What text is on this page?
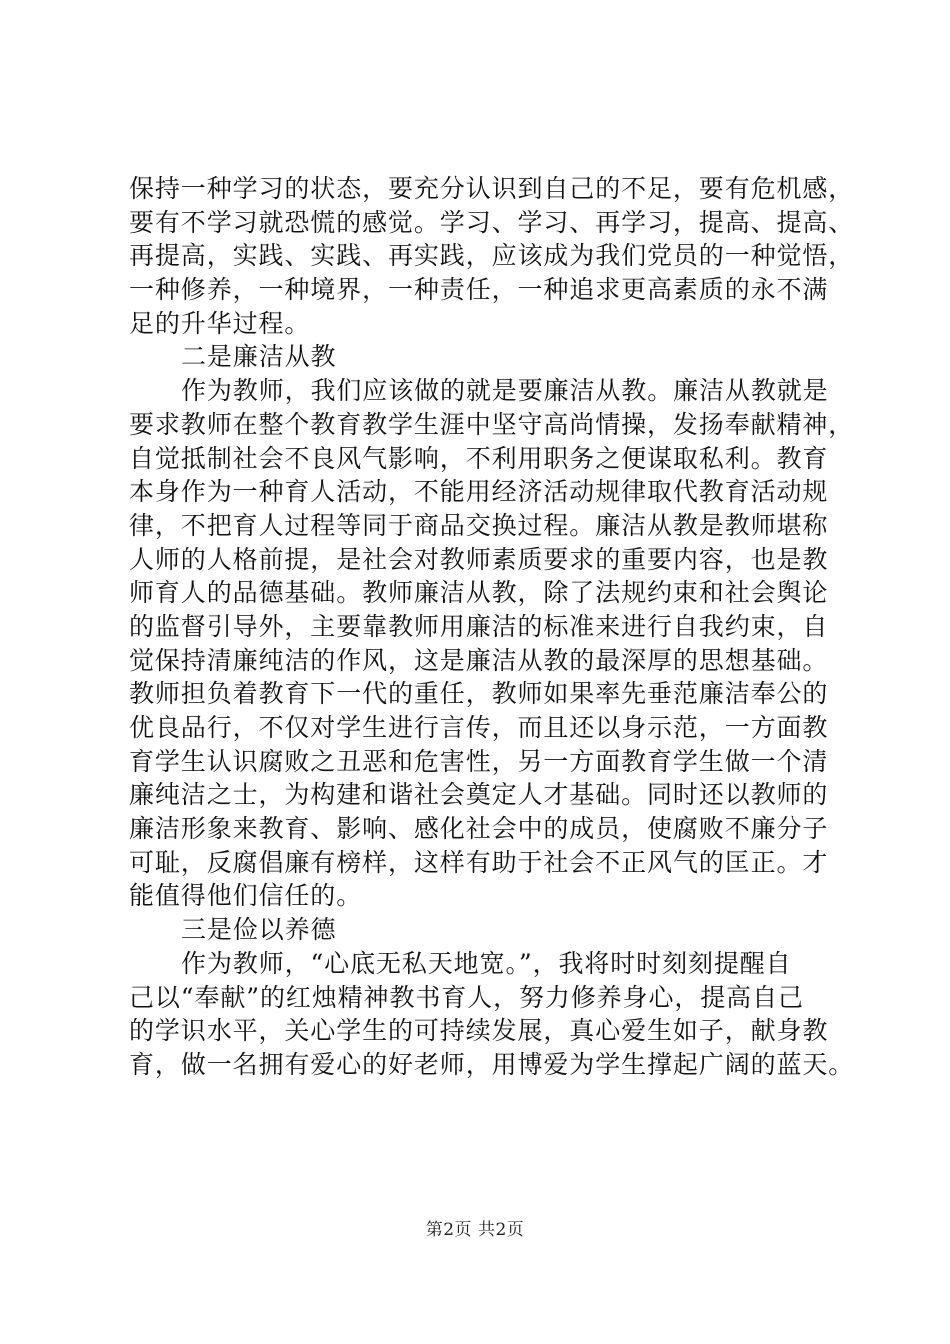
保持一种学习的状态，要充分认识到自己的不足，要有危机感，
要有不学习就恐慌的感觉。学习、学习、再学习，提高、提高、
再提高，实践、实践、再实践，应该成为我们党员的一种觉悟，
一种修养，一种境界，一种责任，一种追求更高素质的永不满
足的升华过程。
二是廉洁从教
作为教师，我们应该做的就是要廉洁从教。廉洁从教就是
要求教师在整个教育教学生涯中坚守高尚情操，发扬奉献精神，
自觉抵制社会不良风气影响，不利用职务之便谋取私利。教育
本身作为一种育人活动，不能用经济活动规律取代教育活动规
律，不把育人过程等同于商品交换过程。廉洁从教是教师堪称
人师的人格前提，是社会对教师素质要求的重要内容，也是教
师育人的品德基础。教师廉洁从教，除了法规约束和社会舆论
的监督引导外，主要靠教师用廉洁的标准来进行自我约束，自
觉保持清廉纯洁的作风，这是廉洁从教的最深厚的思想基础。
教师担负着教育下一代的重任，教师如果率先垂范廉洁奉公的
优良品行，不仅对学生进行言传，而且还以身示范，一方面教
育学生认识腐败之丑恶和危害性，另一方面教育学生做一个清
廉纯洁之士，为构建和谐社会奠定人才基础。同时还以教师的
廉洁形象来教育、影响、感化社会中的成员，使腐败不廉分子
可耻，反腐倡廉有榜样，这样有助于社会不正风气的匡正。才
能值得他们信任的。
三是俭以养德
作为教师，“心底无私天地宽。”，我将时时刻刻提醒自
己以“奉献”的红烛精神教书育人，努力修养身心，提高自己
的学识水平，关心学生的可持续发展，真心爱生如子，献身教
育，做一名拥有爱心的好老师，用博爱为学生撑起广阔的蓝天。
第2页 共2页
